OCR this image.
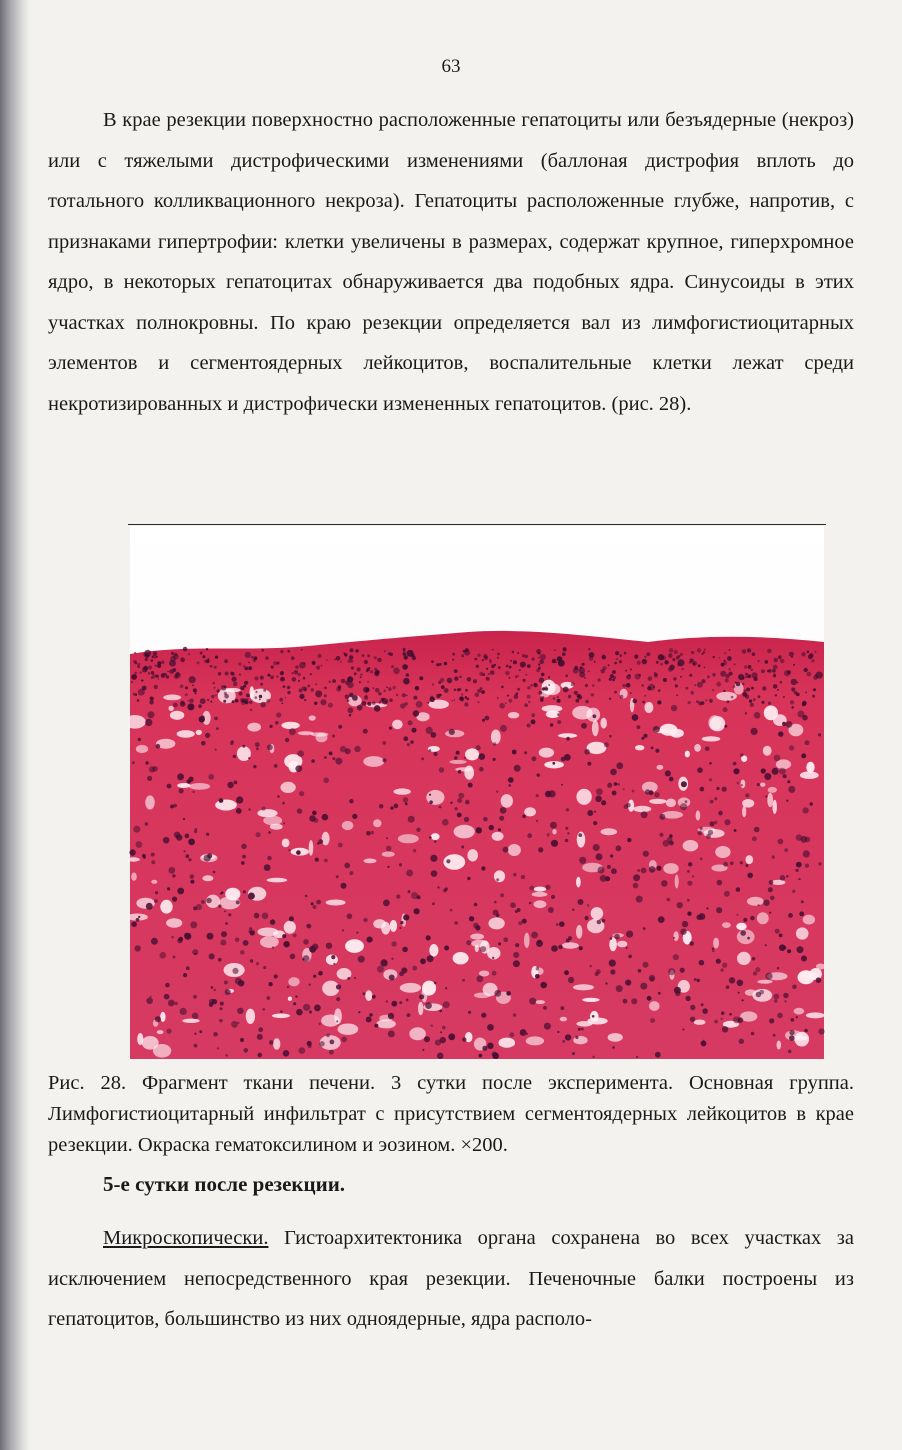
63

В крае резекции поверхностно расположенные гепатоциты или безъядерные (некроз) или с тяжелыми дистрофическими изменениями (баллоная дистрофия вплоть до тотального колликвационного некроза). Гепатоциты расположенные глубже, напротив, с признаками гипертрофии: клетки увеличены в размерах, содержат крупное, гиперхромное ядро, в некоторых гепатоцитах обнаруживается два подобных ядра. Синусоиды в этих участках полнокровны. По краю резекции определяется вал из лимфогистиоцитарных элементов и сегментоядерных лейкоцитов, воспалительные клетки лежат среди некротизированных и дистрофически измененных гепатоцитов. (рис. 28).

Рис. 28. Фрагмент ткани печени. 3 сутки после эксперимента. Основная группа. Лимфогистиоцитарный инфильтрат с присутствием сегментоядерных лейкоцитов в крае резекции. Окраска гематоксилином и эозином. ×200.

5-е сутки после резекции.

Микроскопически. Гистоархитектоника органа сохранена во всех участках за исключением непосредственного края резекции. Печеночные балки построены из гепатоцитов, большинство из них одноядерные, ядра располо-
